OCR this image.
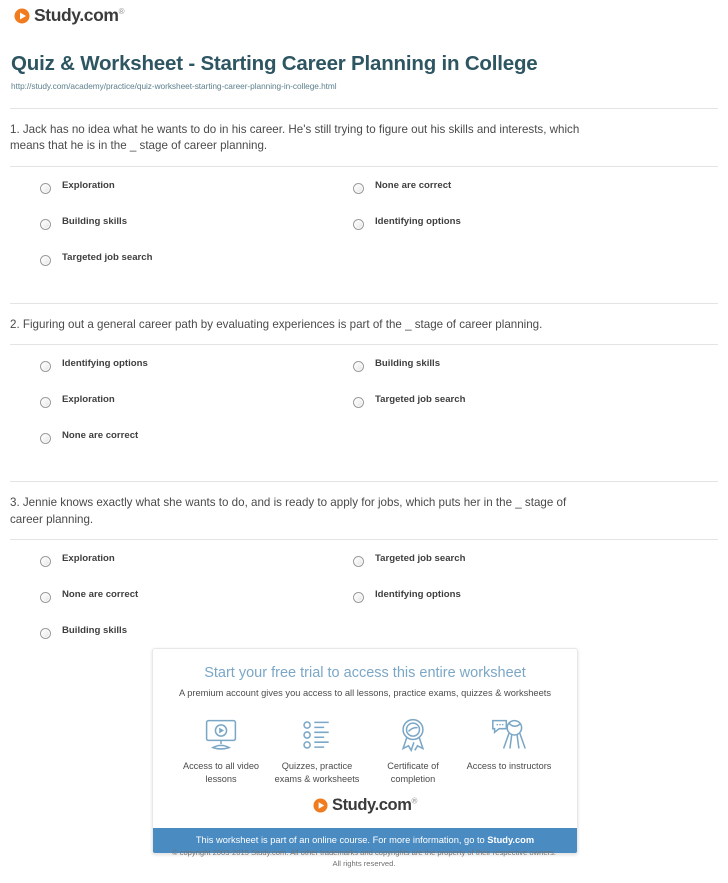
Study.com®
Quiz & Worksheet - Starting Career Planning in College
http://study.com/academy/practice/quiz-worksheet-starting-career-planning-in-college.html
1. Jack has no idea what he wants to do in his career. He's still trying to figure out his skills and interests, which means that he is in the _ stage of career planning.
Exploration	None are correct
Building skills	Identifying options
Targeted job search
2. Figuring out a general career path by evaluating experiences is part of the _ stage of career planning.
Identifying options	Building skills
Exploration	Targeted job search
None are correct
3. Jennie knows exactly what she wants to do, and is ready to apply for jobs, which puts her in the _ stage of career planning.
Exploration	Targeted job search
None are correct	Identifying options
Building skills
Start your free trial to access this entire worksheet
A premium account gives you access to all lessons, practice exams, quizzes & worksheets
Access to all video lessons
Quizzes, practice exams & worksheets
Certificate of completion
Access to instructors
Study.com®
This worksheet is part of an online course. For more information, go to Study.com
© copyright 2003-2015 Study.com. All other trademarks and copyrights are the property of their respective owners.
All rights reserved.
